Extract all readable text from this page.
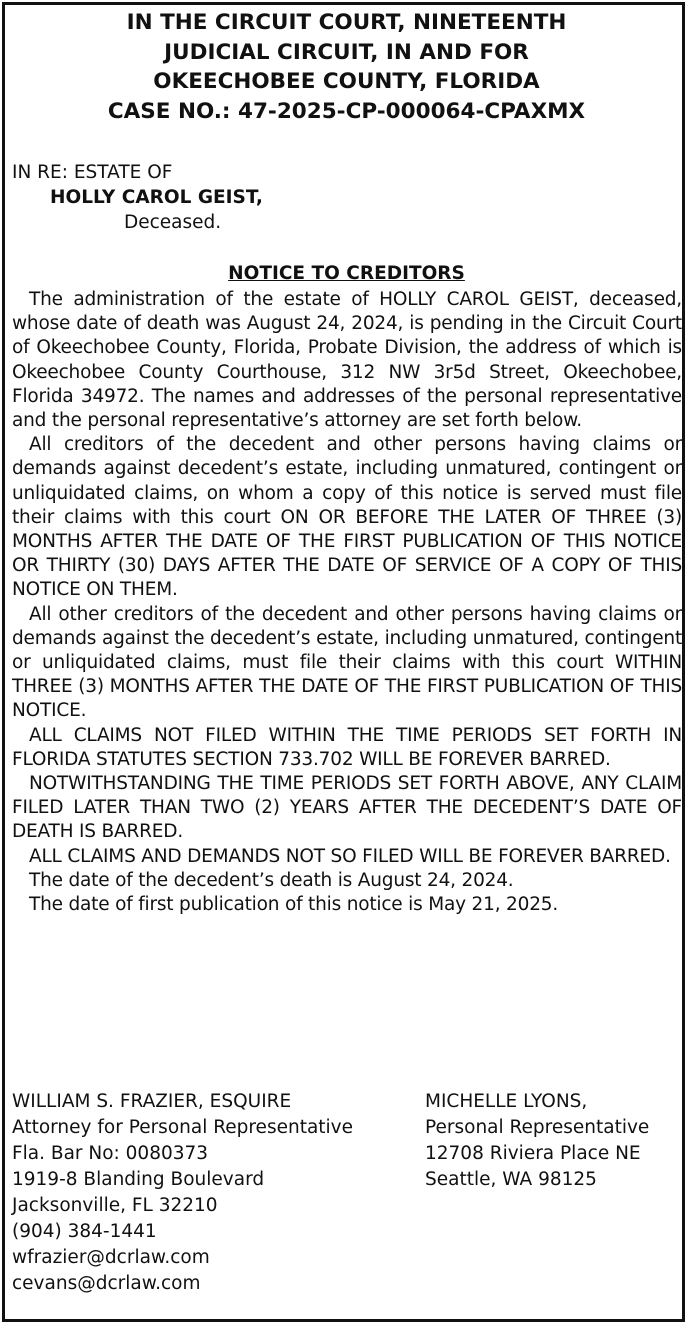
IN THE CIRCUIT COURT, NINETEENTH
JUDICIAL CIRCUIT, IN AND FOR
OKEECHOBEE COUNTY, FLORIDA
CASE NO.: 47-2025-CP-000064-CPAXMX
IN RE: ESTATE OF
HOLLY CAROL GEIST,
Deceased.
NOTICE TO CREDITORS

The administration of the estate of HOLLY CAROL GEIST, deceased, whose date of death was August 24, 2024, is pending in the Circuit Court of Okeechobee County, Florida, Probate Division, the address of which is Okeechobee County Courthouse, 312 NW 3r5d Street, Okeechobee, Florida 34972. The names and addresses of the personal representative and the personal representative’s attorney are set forth below.

All creditors of the decedent and other persons having claims or demands against decedent’s estate, including unmatured, contingent or unliquidated claims, on whom a copy of this notice is served must file their claims with this court ON OR BEFORE THE LATER OF THREE (3) MONTHS AFTER THE DATE OF THE FIRST PUBLICATION OF THIS NOTICE OR THIRTY (30) DAYS AFTER THE DATE OF SERVICE OF A COPY OF THIS NOTICE ON THEM.

All other creditors of the decedent and other persons having claims or demands against the decedent’s estate, including unmatured, contingent or unliquidated claims, must file their claims with this court WITHIN THREE (3) MONTHS AFTER THE DATE OF THE FIRST PUBLICATION OF THIS NOTICE.

ALL CLAIMS NOT FILED WITHIN THE TIME PERIODS SET FORTH IN FLORIDA STATUTES SECTION 733.702 WILL BE FOREVER BARRED.

NOTWITHSTANDING THE TIME PERIODS SET FORTH ABOVE, ANY CLAIM FILED LATER THAN TWO (2) YEARS AFTER THE DECEDENT’S DATE OF DEATH IS BARRED.

ALL CLAIMS AND DEMANDS NOT SO FILED WILL BE FOREVER BARRED.

The date of the decedent’s death is August 24, 2024.

The date of first publication of this notice is May 21, 2025.

WILLIAM S. FRAZIER, ESQUIRE
Attorney for Personal Representative
Fla. Bar No: 0080373
1919-8 Blanding Boulevard
Jacksonville, FL 32210
(904) 384-1441
wfrazier@dcrlaw.com
cevans@dcrlaw.com
MICHELLE LYONS,
Personal Representative
12708 Riviera Place NE
Seattle, WA 98125
